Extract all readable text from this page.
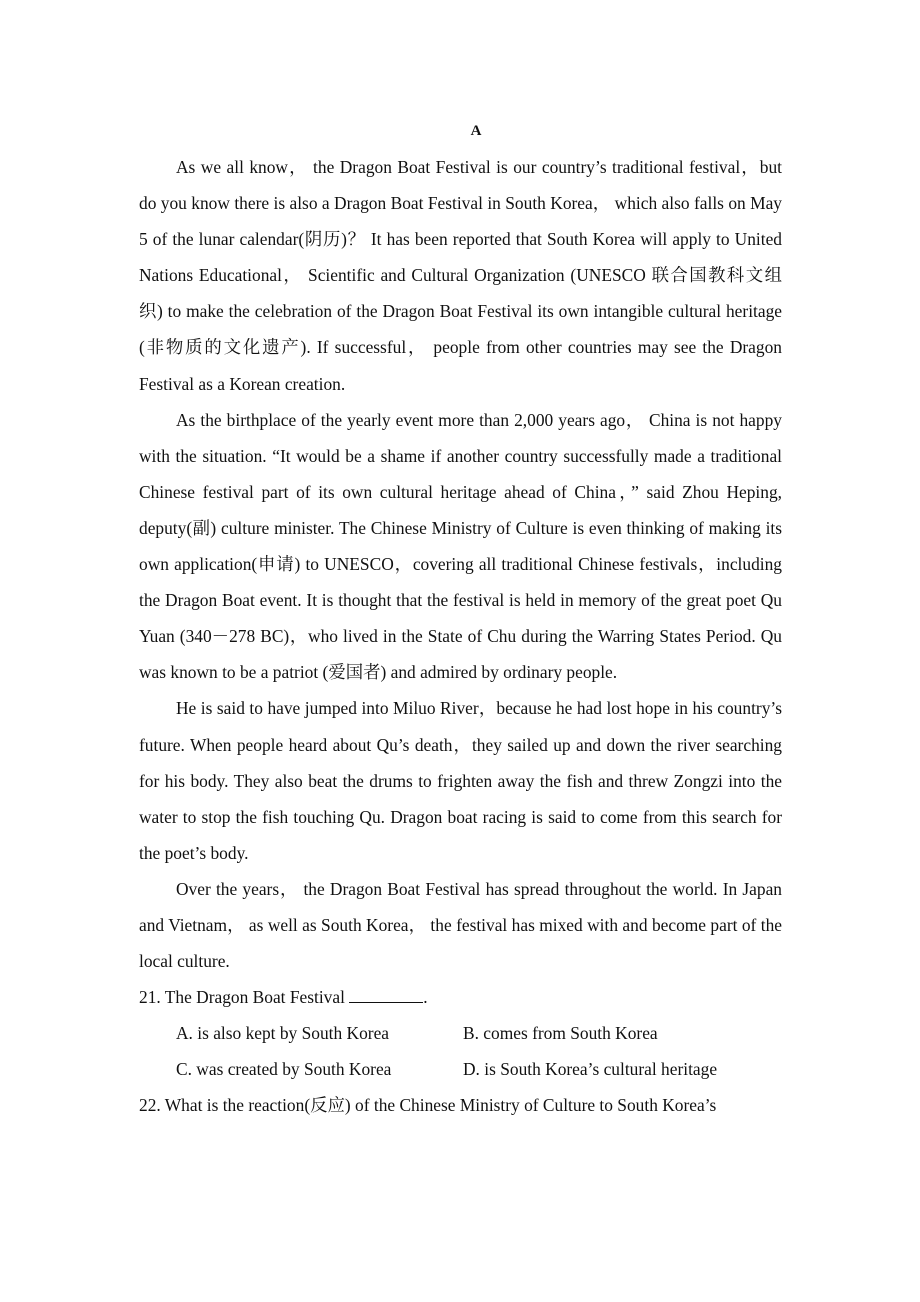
A

As we all know， the Dragon Boat Festival is our country’s traditional festival，but do you know there is also a Dragon Boat Festival in South Korea， which also falls on May 5 of the lunar calendar(阴历)？ It has been reported that South Korea will apply to United Nations Educational， Scientific and Cultural Organization (UNESCO 联合国教科文组织) to make the celebration of the Dragon Boat Festival its own intangible cultural heritage (非物质的文化遗产). If successful， people from other countries may see the Dragon Festival as a Korean creation.

As the birthplace of the yearly event more than 2,000 years ago， China is not happy with the situation. “It would be a shame if another country successfully made a traditional Chinese festival part of its own cultural heritage ahead of China，” said Zhou Heping, deputy(副) culture minister. The Chinese Ministry of Culture is even thinking of making its own application(申请) to UNESCO，covering all traditional Chinese festivals，including the Dragon Boat event. It is thought that the festival is held in memory of the great poet Qu Yuan (340－278 BC)，who lived in the State of Chu during the Warring States Period. Qu was known to be a patriot (爱国者) and admired by ordinary people.

He is said to have jumped into Miluo River，because he had lost hope in his country’s future. When people heard about Qu’s death，they sailed up and down the river searching for his body. They also beat the drums to frighten away the fish and threw Zongzi into the water to stop the fish touching Qu. Dragon boat racing is said to come from this search for the poet’s body.

Over the years， the Dragon Boat Festival has spread throughout the world. In Japan and Vietnam， as well as South Korea， the festival has mixed with and become part of the local culture.

21. The Dragon Boat Festival	.
A. is also kept by South Korea	B. comes from South Korea
C. was created by South Korea	D. is South Korea’s cultural heritage
22. What is the reaction(反应) of the Chinese Ministry of Culture to South Korea’s
